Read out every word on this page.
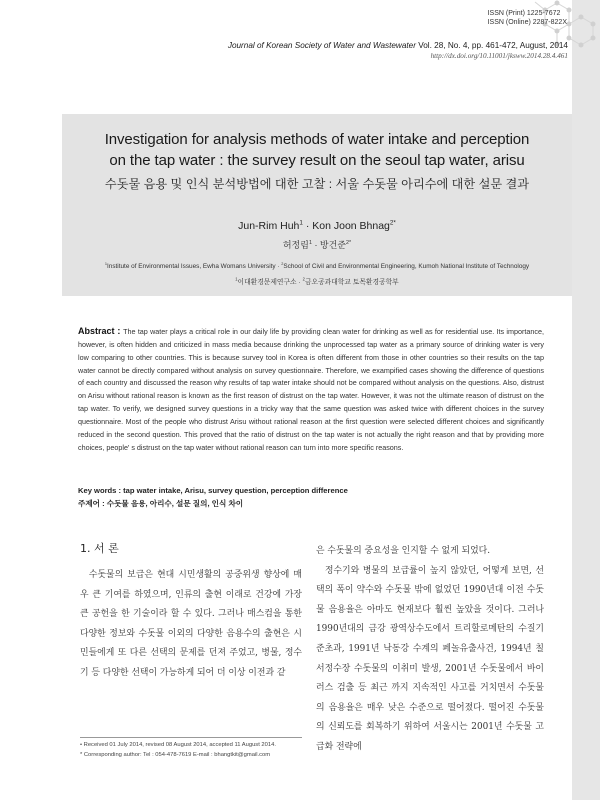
ISSN (Print) 1225-7672
ISSN (Online) 2287-822X
Journal of Korean Society of Water and Wastewater Vol. 28, No. 4, pp. 461-472, August, 2014
http://dx.doi.org/10.11001/jksww.2014.28.4.461
Investigation for analysis methods of water intake and perception
on the tap water : the survey result on the seoul tap water, arisu
수돗물 음용 및 인식 분석방법에 대한 고찰 : 서울 수돗물 아리수에 대한 설문 결과
Jun-Rim Huh$^1$ · Kon Joon Bhnag$^{2*}$
허정림$^1$ · 방건준$^{2*}$
$^1$Institute of Environmental Issues, Ewha Womans University · $^2$School of Civil and Environmental Engineering, Kumoh National Institute of Technology
$^1$이대환경문제연구소 · $^2$금오공과대학교 토목환경공학부
Abstract : The tap water plays a critical role in our daily life by providing clean water for drinking as well as for residential use. Its importance, however, is often hidden and criticized in mass media because drinking the unprocessed tap water as a primary source of drinking water is very low comparing to other countries. This is because survey tool in Korea is often different from those in other countries so their results on the tap water cannot be directly compared without analysis on survey questionnaire. Therefore, we exampified cases showing the difference of questions of each country and discussed the reason why results of tap water intake should not be compared without analysis on the questions. Also, distrust on Arisu without rational reason is known as the first reason of distrust on the tap water. However, it was not the ultimate reason of distrust on the tap water. To verify, we designed survey questions in a tricky way that the same question was asked twice with different choices in the survey questionnaire. Most of the people who distrust Arisu without rational reason at the first question were selected different choices and significantly reduced in the second question. This proved that the ratio of distrust on the tap water is not actually the right reason and that by providing more choices, people' s distrust on the tap water without rational reason can turn into more specific reasons.
Key words : tap water intake, Arisu, survey question, perception difference
주제어 : 수돗물 음용, 아리수, 설문 질의, 인식 차이
1. 서 론
수돗물의 보급은 현대 시민생활의 공중위생 향상에 매우 큰 기여를 하였으며, 인류의 출현 이래로 건강에 가장 큰 공헌을 한 기술이라 할 수 있다. 그러나 매스컴을 통한 다양한 정보와 수돗물 이외의 다양한 음용수의 출현은 시민들에게 또 다른 선택의 문제를 던져 주었고, 병물, 정수기 등 다양한 선택이 가능하게 되어 더 이상 이전과 같

은 수돗물의 중요성을 인지할 수 없게 되었다.

정수기와 병물의 보급률이 높지 않았던, 어떻게 보면, 선택의 폭이 약수와 수돗물 밖에 없었던 1990년대 이전 수돗물 음용율은 아마도 현재보다 훨씬 높았을 것이다. 그러나 1990년대의 금강 광역상수도에서 트리할로메탄의 수질기준초과, 1991년 낙동강 수계의 페놀유출사건, 1994년 칠서정수장 수돗물의 이취미 발생, 2001년 수돗물에서 바이러스 검출 등 최근 까지 지속적인 사고를 거치면서 수돗물의 음용율은 매우 낮은 수준으로 떨어졌다. 떨어진 수돗물의 신뢰도를 회복하기 위하여 서울시는 2001년 수돗물 고급화 전략에

• Received 01 July 2014, revised 08 August 2014, accepted 11 August 2014.
* Corresponding author: Tel : 054-478-7619 E-mail : bhangtkit@gmail.com
